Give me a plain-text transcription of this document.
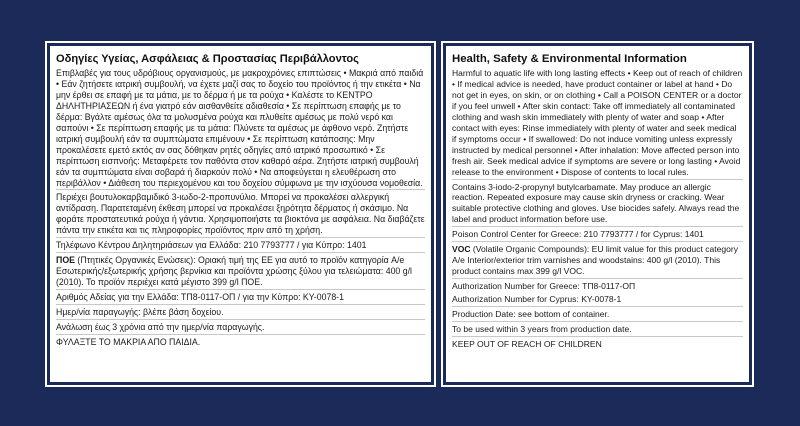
Οδηγίες Υγείας, Ασφάλειας & Προστασίας Περιβάλλοντος

Επιβλαβές για τους υδρόβιους οργανισμούς, με μακροχρόνιες επιπτώσεις • Μακριά από παιδιά • Εάν ζητήσετε ιατρική συμβουλή, να έχετε μαζί σας το δοχείο του προϊόντος ή την ετικέτα • Να μην έρθει σε επαφή με τα μάτια, με το δέρμα ή με τα ρούχα • Καλέστε το ΚΕΝΤΡΟ ΔΗΛΗΤΗΡΙΑΣΕΩΝ ή ένα γιατρό εάν αισθανθείτε αδιαθεσία • Σε περίπτωση επαφής με το δέρμα: Βγάλτε αμέσως όλα τα μολυσμένα ρούχα και πλυθείτε αμέσως με πολύ νερό και σαπούνι • Σε περίπτωση επαφής με τα μάτια: Πλύνετε τα αμέσως με άφθονο νερό. Ζητήστε ιατρική συμβουλή εάν τα συμπτώματα επιμένουν • Σε περίπτωση κατάποσης: Μην προκαλέσετε εμετό εκτός αν σας δόθηκαν ρητές οδηγίες από ιατρικό προσωπικό • Σε περίπτωση εισπνοής: Μεταφέρετε τον παθόντα στον καθαρό αέρα. Ζητήστε ιατρική συμβουλή εάν τα συμπτώματα είναι σοβαρά ή διαρκούν πολύ • Να αποφεύγεται η ελευθέρωση στο περιβάλλον • Διάθεση του περιεχομένου και του δοχείου σύμφωνα με την ισχύουσα νομοθεσία.

Περιέχει βουτυλοκαρβαμιδικό 3-ιωδο-2-προπυνύλιο. Μπορεί να προκαλέσει αλλεργική αντίδραση. Παρατεταμένη έκθεση μπορεί να προκαλέσει ξηρότητα δέρματος ή σκάσιμο. Να φοράτε προστατευτικά ρούχα ή γάντια. Χρησιμοποιήστε τα βιοκτόνα με ασφάλεια. Να διαβάζετε πάντα την ετικέτα και τις πληροφορίες προϊόντος πριν από τη χρήση.

Τηλέφωνο Κέντρου Δηλητηριάσεων για Ελλάδα: 210 7793777 / για Κύπρο: 1401

ΠΟΕ (Πτητικές Οργανικές Ενώσεις): Οριακή τιμή της ΕΕ για αυτό το προϊόν κατηγορία A/e Εσωτερικής/εξωτερικής χρήσης βερνίκια και προϊόντα χρώσης ξύλου για τελειώματα: 400 g/l (2010). Το προϊόν περιέχει κατά μέγιστο 399 g/l ΠΟΕ.

Αριθμός Αδείας για την Ελλάδα: ΤΠ8-0117-ΟΠ / για την Κύπρο: KY-0078-1

Ημερ/νία παραγωγής: βλέπε βάση δοχείου.

Ανάλωση έως 3 χρόνια από την ημερ/νία παραγωγής.

ΦΥΛΑΞΤΕ ΤΟ ΜΑΚΡΙΑ ΑΠΟ ΠΑΙΔΙΑ.

Health, Safety & Environmental Information

Harmful to aquatic life with long lasting effects • Keep out of reach of children • If medical advice is needed, have product container or label at hand • Do not get in eyes, on skin, or on clothing • Call a POISON CENTER or a doctor if you feel unwell • After skin contact: Take off immediately all contaminated clothing and wash skin immediately with plenty of water and soap • After contact with eyes: Rinse immediately with plenty of water and seek medical if symptoms occur • If swallowed: Do not induce vomiting unless expressly instructed by medical personnel • After inhalation: Move affected person into fresh air. Seek medical advice if symptoms are severe or long lasting • Avoid release to the environment • Dispose of contents to local rules.

Contains 3-iodo-2-propynyl butylcarbamate. May produce an allergic reaction. Repeated exposure may cause skin dryness or cracking. Wear suitable protective clothing and gloves. Use biocides safely. Always read the label and product information before use.

Poison Control Center for Greece: 210 7793777 / for Cyprus: 1401

VOC (Volatile Organic Compounds): EU limit value for this product category A/e Interior/exterior trim varnishes and woodstains: 400 g/l (2010). This product contains max 399 g/l VOC.

Authorization Number for Greece: ΤΠ8-0117-ΟΠ

Authorization Number for Cyprus: KY-0078-1

Production Date: see bottom of container.

To be used within 3 years from production date.

KEEP OUT OF REACH OF CHILDREN
